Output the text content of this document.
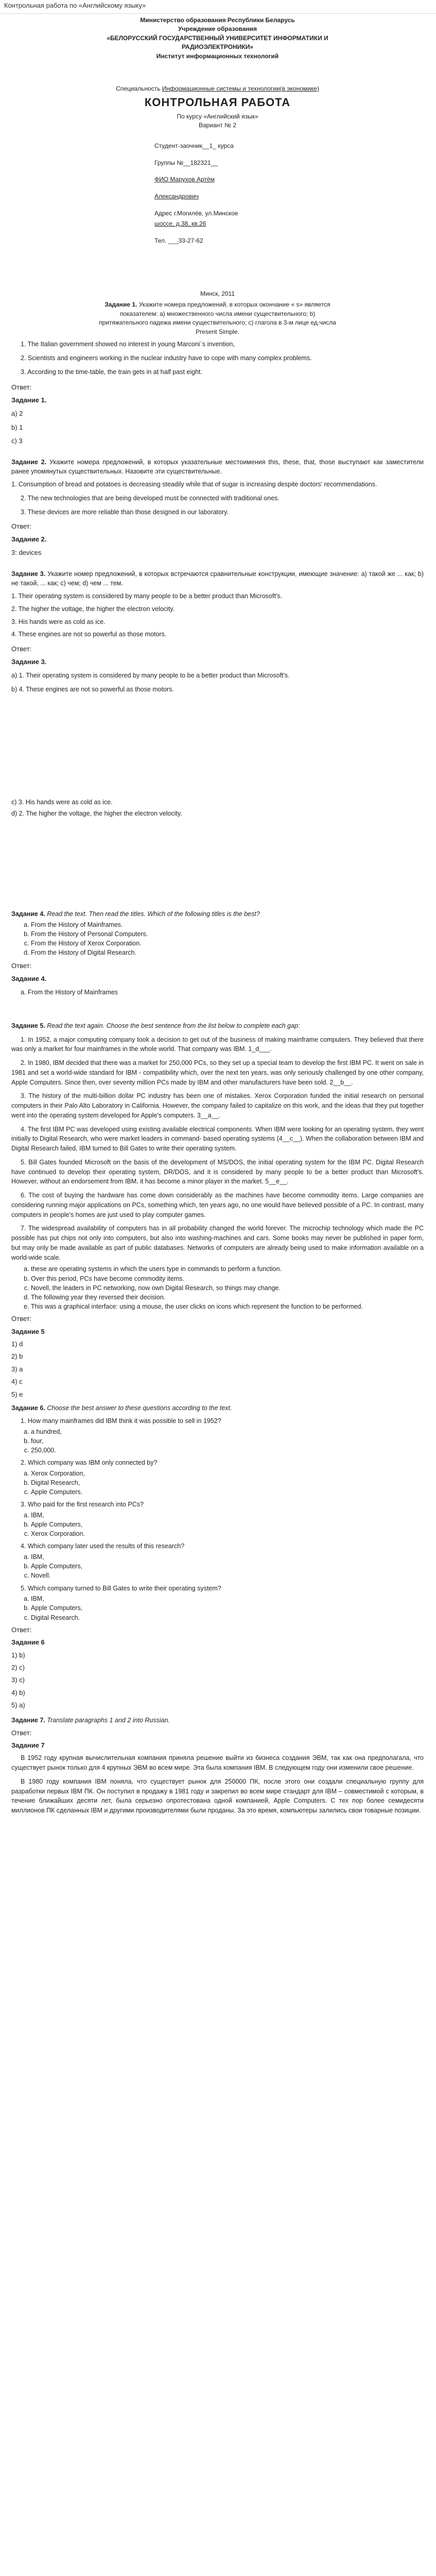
Контрольная работа по «Английскому языку»
Министерство образования Республики Беларусь
Учреждение образования
«БЕЛОРУССКИЙ ГОСУДАРСТВЕННЫЙ УНИВЕРСИТЕТ ИНФОРМАТИКИ И
РАДИОЭЛЕКТРОНИКИ»
Институт информационных технологий
Специальность Информационные системы и технологии(в экономике)
КОНТРОЛЬНАЯ РАБОТА
По курсу «Английский язык»
Вариант № 2
Студент-заочник__1_ курса
Группы №__182321__
ФИО Марухов Артём
Александрович
Адрес г.Могилёв, ул.Минское
шоссе, д.38, кв.26
Тел. ___33-27-62
Минск, 2011
Задание 1. Укажите номера предложений, в которых окончание « s» является
показателем: а) множественного числа имени существительного; b)
притяжательного падежа имени существительного; с) глагола в 3-м лице ед.числа
Present Simple.
1. The Italian government showed no interest in young Marconi`s invention,
2. Scientists and engineers working in the nuclear industry have to cope with many complex problems.
3. According to the time-table, the train gets in at half past eight.
Ответ:
Задание 1.
a) 2
b) 1
c) 3
Задание 2. Укажите номера предложений, в которых указательные местоимения this, these, that, those выступают как заместители ранее упомянутых существительных. Назовите эти существительные.
1. Consumption of bread and potatoes is decreasing steadily while that of sugar is increasing despite doctors' recommendations.
2. The new technologies that are being developed must be connected with traditional ones.
3. These devices are more reliable than those designed in our laboratory.
Ответ:
Задание 2.
3: devices
Задание 3. Укажите номер предложений, в которых встречаются сравнительные конструкции, имеющие значение: а) такой же ... как; b) не такой, ... как; c) чем; d) чем ... тем.
1. Their operating system is considered by many people to be a better product than Microsoft's.
2. The higher the voltage, the higher the electron velocity.
3. His hands were as cold as ice.
4. These engines are not so powerful as those motors.
Ответ:
Задание 3.
a) 1. Their operating system is considered by many people to be a better product than Microsoft's.
b) 4. These engines are not so powerful as those motors.
c) 3. His hands were as cold as ice.
d) 2. The higher the voltage, the higher the electron velocity.
Задание 4. Read the text. Then read the titles. Which of the following titles is the best?
a. From the History of Mainframes.
b. From the History of Personal Computers.
c. From the History of Xerox Corporation.
d. From the History of Digital Research.
Ответ:
Задание 4.
a. From the History of Mainframes
Задание 5. Read the text again. Choose the best sentence from the list below to complete each gap:
1. In 1952, a major computing company took a decision to get out of the business of making mainframe computers. They believed that there was only a market for four mainframes in the whole world. That company was IBM. 1_d___.
2. In 1980, IBM decided that there was a market for 250,000 PCs, so they set up a special team to develop the first IBM PC. It went on sale in 1981 and set a world-wide standard for IBM - compatibility which, over the next ten years, was only seriously challenged by one other company, Apple Computers. Since then, over seventy million PCs made by IBM and other manufacturers have been sold. 2__b__.
3. The history of the multi-billion dollar PC industry has been one of mistakes. Xerox Corporation funded the initial research on personal computers in their Palo Alto Laboratory in California. However, the company failed to capitalize on this work, and the ideas that they put together went into the operating system developed for Apple's computers. 3__a__.
4. The first IBM PC was developed using existing available electrical components. When IBM were looking for an operating system, they went initially to Digital Research, who were market leaders in command- based operating systems (4__c__). When the collaboration between IBM and Digital Research failed, IBM turned to Bill Gates to write their operating system.
5. Bill Gates founded Microsoft on the basis of the development of MS/DOS, the initial operating system for the IBM PC. Digital Research have continued to develop their operating system, DR/DOS, and it is considered by many people to be a better product than Microsoft's. However, without an endorsement from IBM, it has become a minor player in the market. 5__e__.
6. The cost of buying the hardware has come down considerably as the machines have become commodity items. Large companies are considering running major applications on PCs, something which, ten years ago, no one would have believed possible of a PC. In contrast, many computers in people's homes are just used to play computer games.
7. The widespread availability of computers has in all probability changed the world forever. The microchip technology which made the PC possible has put chips not only into computers, but also into washing-machines and cars. Some books may never be published in paper form, but may only be made available as part of public databases. Networks of computers are already being used to make information available on a world-wide scale.
a. these are operating systems in which the users type in commands to perform a function.
b. Over this period, PCs have become commodity items.
c. Novell, the leaders in PC networking, now own Digital Research, so things may change.
d. The following year they reversed their decision.
e. This was a graphical interface: using a mouse, the user clicks on icons which represent the function to be performed.
Ответ:
Задание 5
1) d
2) b
3) a
4) c
5) e
Задание 6. Choose the best answer to these questions according to the text.
1. How many mainframes did IBM think it was possible to sell in 1952?
a. a hundred,
b. four,
c. 250,000.
2. Which company was IBM only connected by?
a. Xerox Corporation,
b. Digital Research,
c. Apple Computers.
3. Who paid for the first research into PCs?
a. IBM,
b. Apple Computers,
c. Xerox Corporation.
4. Which company later used the results of this research?
a. IBM,
b. Apple Computers,
c. Novell.
5. Which company turned to Bill Gates to write their operating system?
a. IBM,
b. Apple Computers,
c. Digital Research.
Ответ:
Задание 6
1) b)
2) c)
3) c)
4) b)
5) a)
Задание 7. Translate paragraphs 1 and 2 into Russian.
Ответ:
Задание 7
В 1952 году крупная вычислительная компания приняла решение выйти из бизнеса создания ЭВМ, так как она предполагала, что существует рынок только для 4 крупных ЭВМ во всем мире. Эта была компания IBM. В следующем году они изменили свое решение.
В 1980 году компания IBM поняла, что существует рынок для 250000 ПК, после этого они создали специальную группу для разработки первых IBM ПК. Он поступил в продажу в 1981 году и закрепил во всем мире стандарт для IBM – совместимой с которым, в течение ближайших десяти лет, была серьезно опротестована одной компанией, Apple Computers. С тех пор более семидесяти миллионов ПК сделанных IBM и другими производителями были проданы. За это время, компьютеры залились свои товарные позиции.
